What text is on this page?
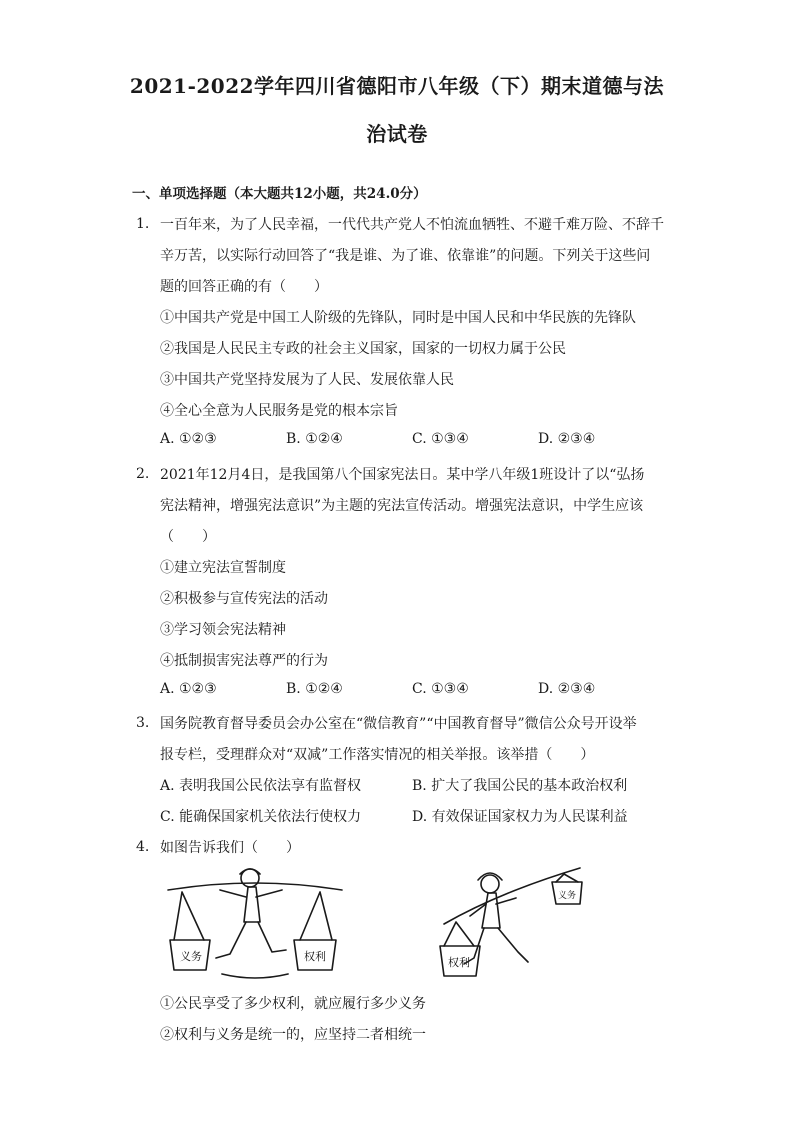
2021-2022学年四川省德阳市八年级（下）期末道德与法
治试卷
一、单项选择题（本大题共12小题，共24.0分）
1. 一百年来，为了人民幸福，一代代共产党人不怕流血牺牲、不避千难万险、不辞千
辛万苦，以实际行动回答了“我是谁、为了谁、依靠谁”的问题。下列关于这些问
题的回答正确的有（　　）
①中国共产党是中国工人阶级的先锋队，同时是中国人民和中华民族的先锋队
②我国是人民民主专政的社会主义国家，国家的一切权力属于公民
③中国共产党坚持发展为了人民、发展依靠人民
④全心全意为人民服务是党的根本宗旨
A. ①②③	B. ①②④	C. ①③④	D. ②③④
2. 2021年12月4日，是我国第八个国家宪法日。某中学八年级1班设计了以“弘扬
宪法精神，增强宪法意识”为主题的宪法宣传活动。增强宪法意识，中学生应该
（　　）
①建立宪法宣誓制度
②积极参与宣传宪法的活动
③学习领会宪法精神
④抵制损害宪法尊严的行为
A. ①②③	B. ①②④	C. ①③④	D. ②③④
3. 国务院教育督导委员会办公室在“微信教育”“中国教育督导”微信公众号开设举
报专栏，受理群众对“双减”工作落实情况的相关举报。该举措（　　）
A. 表明我国公民依法享有监督权	B. 扩大了我国公民的基本政治权利
C. 能确保国家机关依法行使权力	D. 有效保证国家权力为人民谋利益
4. 如图告诉我们（　　）
义务	权利	权利
义务
①公民享受了多少权利，就应履行多少义务
②权利与义务是统一的，应坚持二者相统一
